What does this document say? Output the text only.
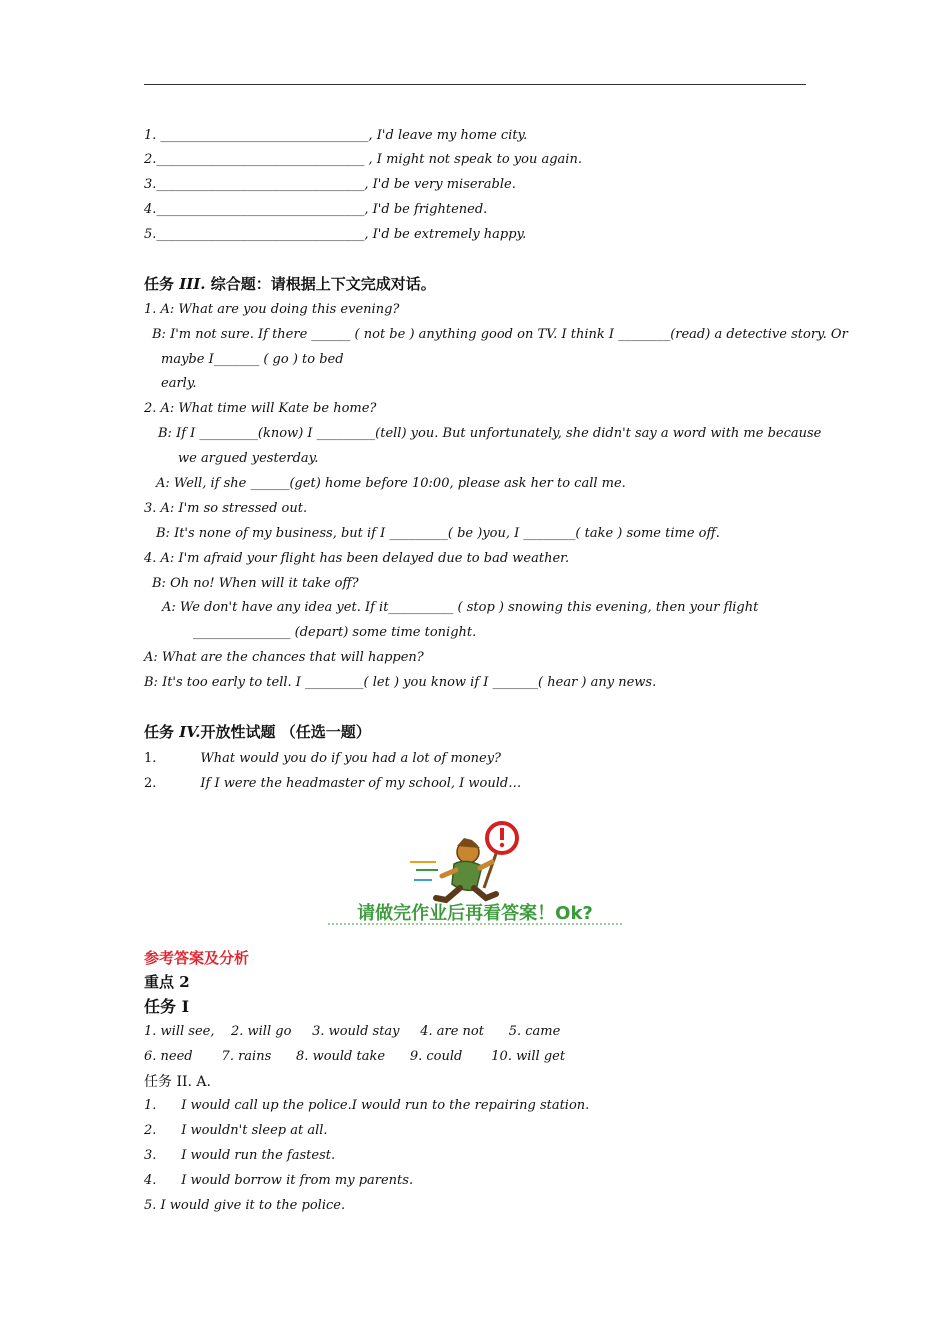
1. ________________________________, I'd leave my home city.
2.________________________________ , I might not speak to you again.
3.________________________________, I'd be very miserable.
4.________________________________, I'd be frightened.
5.________________________________, I'd be extremely happy.
任务 III. 综合题：请根据上下文完成对话。
1. A: What are you doing this evening?
B: I'm not sure. If there ______ ( not be ) anything good on TV. I think I ________(read) a detective story. Or
maybe I_______ ( go ) to bed
early.
2. A: What time will Kate be home?
B: If I _________(know) I _________(tell) you. But unfortunately, she didn't say a word with me because
we argued yesterday.
A: Well, if she ______(get) home before 10:00, please ask her to call me.
3. A: I'm so stressed out.
B: It's none of my business, but if I _________( be )you, I ________( take ) some time off.
4. A: I'm afraid your flight has been delayed due to bad weather.
B: Oh no! When will it take off?
A: We don't have any idea yet. If it__________ ( stop ) snowing this evening, then your flight
_______________ (depart) some time tonight.
A: What are the chances that will happen?
B: It's too early to tell. I _________( let ) you know if I _______( hear ) any news.
任务 IV.开放性试题 （任选一题）
1.	What would you do if you had a lot of money?
2.	If I were the headmaster of my school, I would…
请做完作业后再看答案！Ok?
参考答案及分析
重点 2
任务 I
1. will see,    2. will go     3. would stay     4. are not      5. came
6. need       7. rains      8. would take      9. could       10. will get
任务 II. A.
1.      I would call up the police.I would run to the repairing station.
2.      I wouldn't sleep at all.
3.      I would run the fastest.
4.      I would borrow it from my parents.
5. I would give it to the police.
